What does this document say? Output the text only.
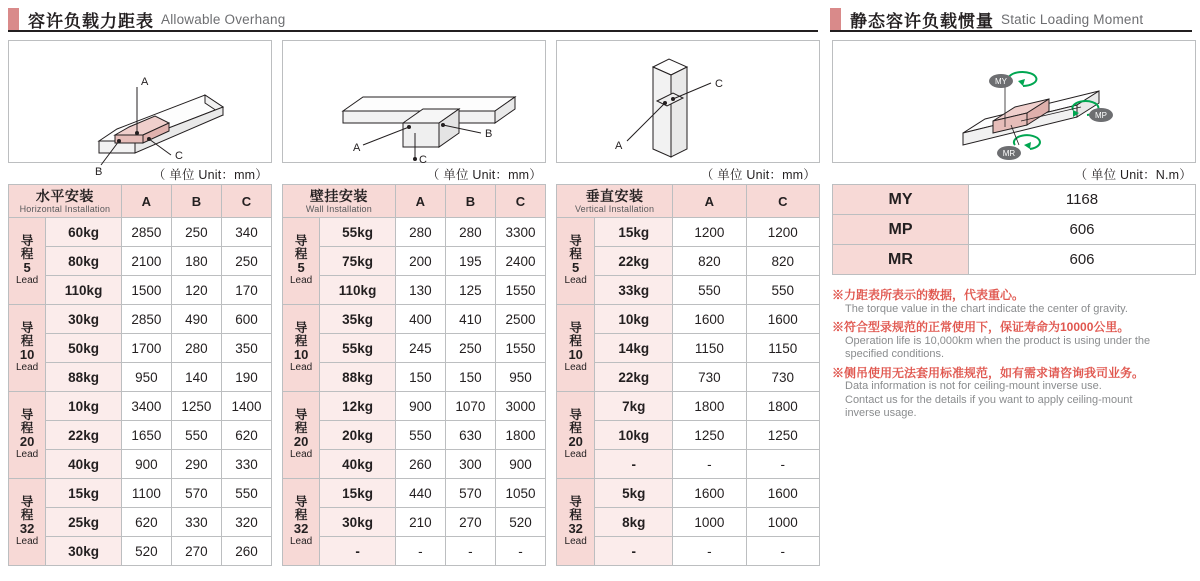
容许负载力距表 Allowable Overhang	静态容许负载惯量 Static Loading Moment
A
B
C
（ 单位 Unit：mm）
水平安装
Horizontal Installation		A	B	C
导
程
5
Lead	60kg	2850	250	340
	80kg	2100	180	250
	110kg	1500	120	170
导
程
10
Lead	30kg	2850	490	600
	50kg	1700	280	350
	88kg	950	140	190
导
程
20
Lead	10kg	3400	1250	1400
	22kg	1650	550	620
	40kg	900	290	330
导
程
32
Lead	15kg	1100	570	550
	25kg	620	330	320
	30kg	520	270	260
A
B
C
（ 单位 Unit：mm）
壁挂安装
Wall Installation		A	B	C
导
程
5
Lead	55kg	280	280	3300
	75kg	200	195	2400
	110kg	130	125	1550
导
程
10
Lead	35kg	400	410	2500
	55kg	245	250	1550
	88kg	150	150	950
导
程
20
Lead	12kg	900	1070	3000
	20kg	550	630	1800
	40kg	260	300	900
导
程
32
Lead	15kg	440	570	1050
	30kg	210	270	520
	-	-	-	-
A
C
（ 单位 Unit：mm）
垂直安装
Vertical Installation		A	C
导
程
5
Lead	15kg	1200	1200
	22kg	820	820
	33kg	550	550
导
程
10
Lead	10kg	1600	1600
	14kg	1150	1150
	22kg	730	730
导
程
20
Lead	7kg	1800	1800
	10kg	1250	1250
	-	-	-
导
程
32
Lead	5kg	1600	1600
	8kg	1000	1000
	-	-	-
MY
MP
MR
（ 单位 Unit：N.m）
MY	1168
MP	606
MR	606
※力距表所表示的数据，代表重心。
The torque value in the chart indicate the center of gravity.
※符合型录规范的正常使用下，保证寿命为10000公里。
Operation life is 10,000km when the product is using under the
specified conditions.
※侧吊使用无法套用标准规范，如有需求请咨询我司业务。
Data information is not for ceiling-mount inverse use.
Contact us for the details if you want to apply ceiling-mount
inverse usage.
